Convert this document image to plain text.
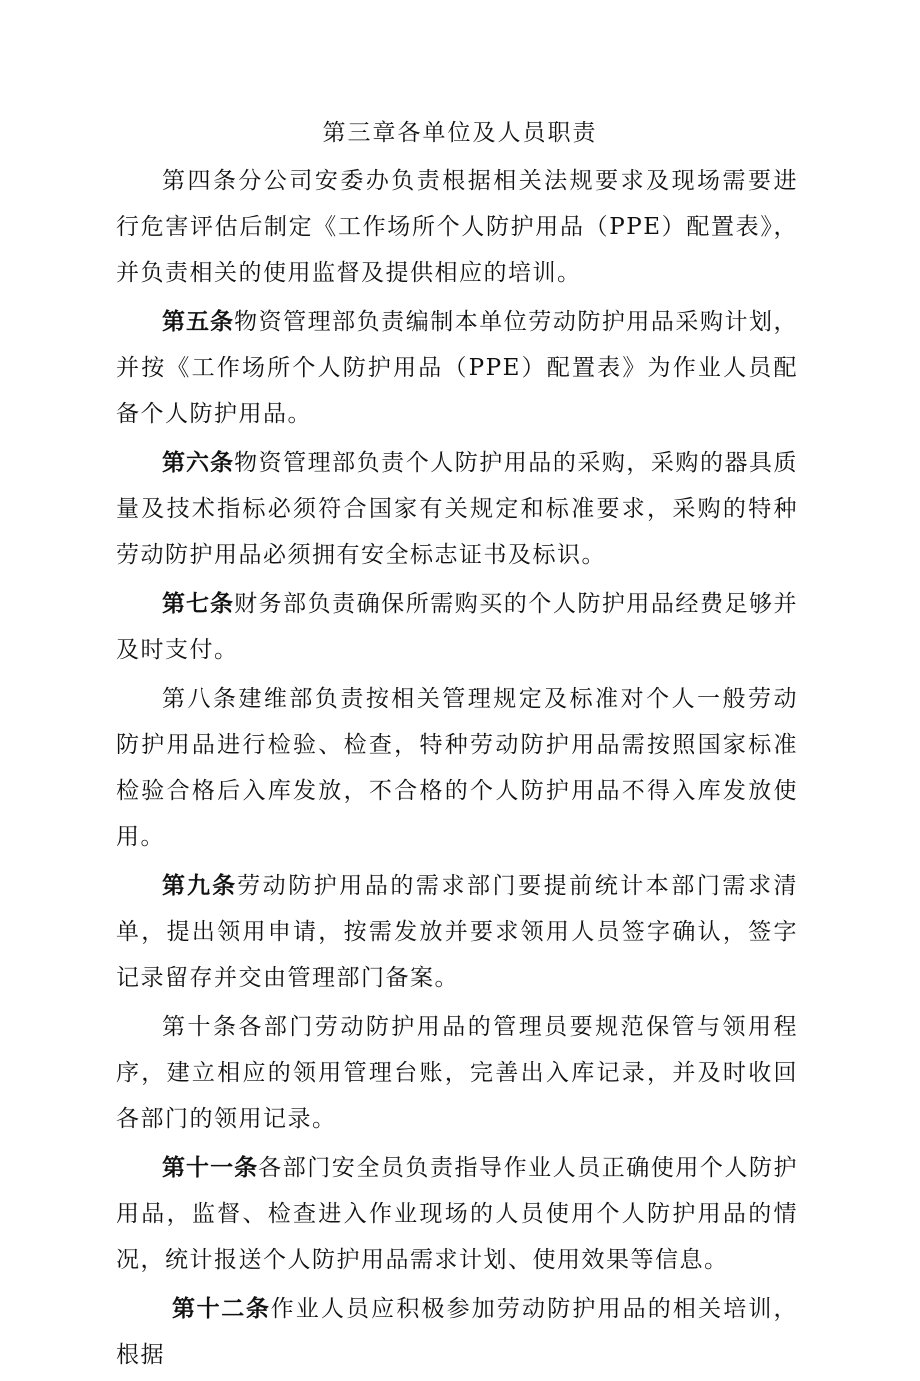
第三章各单位及人员职责

第四条分公司安委办负责根据相关法规要求及现场需要进行危害评估后制定《工作场所个人防护用品（PPE）配置表》，并负责相关的使用监督及提供相应的培训。

第五条物资管理部负责编制本单位劳动防护用品采购计划，并按《工作场所个人防护用品（PPE）配置表》为作业人员配备个人防护用品。

第六条物资管理部负责个人防护用品的采购，采购的器具质量及技术指标必须符合国家有关规定和标准要求，采购的特种劳动防护用品必须拥有安全标志证书及标识。

第七条财务部负责确保所需购买的个人防护用品经费足够并及时支付。

第八条建维部负责按相关管理规定及标准对个人一般劳动防护用品进行检验、检查，特种劳动防护用品需按照国家标准检验合格后入库发放，不合格的个人防护用品不得入库发放使用。

第九条劳动防护用品的需求部门要提前统计本部门需求清单，提出领用申请，按需发放并要求领用人员签字确认，签字记录留存并交由管理部门备案。

第十条各部门劳动防护用品的管理员要规范保管与领用程序，建立相应的领用管理台账，完善出入库记录，并及时收回各部门的领用记录。

第十一条各部门安全员负责指导作业人员正确使用个人防护用品，监督、检查进入作业现场的人员使用个人防护用品的情况，统计报送个人防护用品需求计划、使用效果等信息。

第十二条作业人员应积极参加劳动防护用品的相关培训，根据
